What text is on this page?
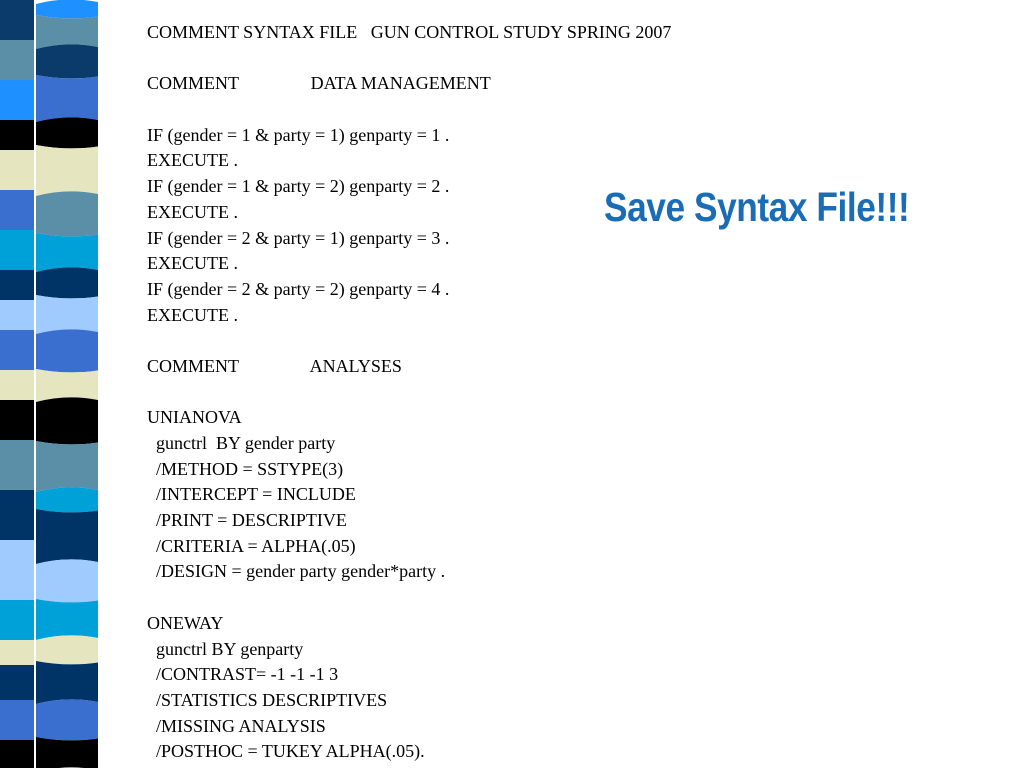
COMMENT SYNTAX FILE   GUN CONTROL STUDY SPRING 2007
COMMENT                DATA MANAGEMENT
IF (gender = 1 & party = 1) genparty = 1 .
EXECUTE .
IF (gender = 1 & party = 2) genparty = 2 .
EXECUTE .
IF (gender = 2 & party = 1) genparty = 3 .
EXECUTE .
IF (gender = 2 & party = 2) genparty = 4 .
EXECUTE .
COMMENT                ANALYSES
UNIANOVA
gunctrl  BY gender party
/METHOD = SSTYPE(3)
/INTERCEPT = INCLUDE
/PRINT = DESCRIPTIVE
/CRITERIA = ALPHA(.05)
/DESIGN = gender party gender*party .
ONEWAY
gunctrl BY genparty
/CONTRAST= -1 -1 -1 3
/STATISTICS DESCRIPTIVES
/MISSING ANALYSIS
/POSTHOC = TUKEY ALPHA(.05).
Save Syntax File!!!
